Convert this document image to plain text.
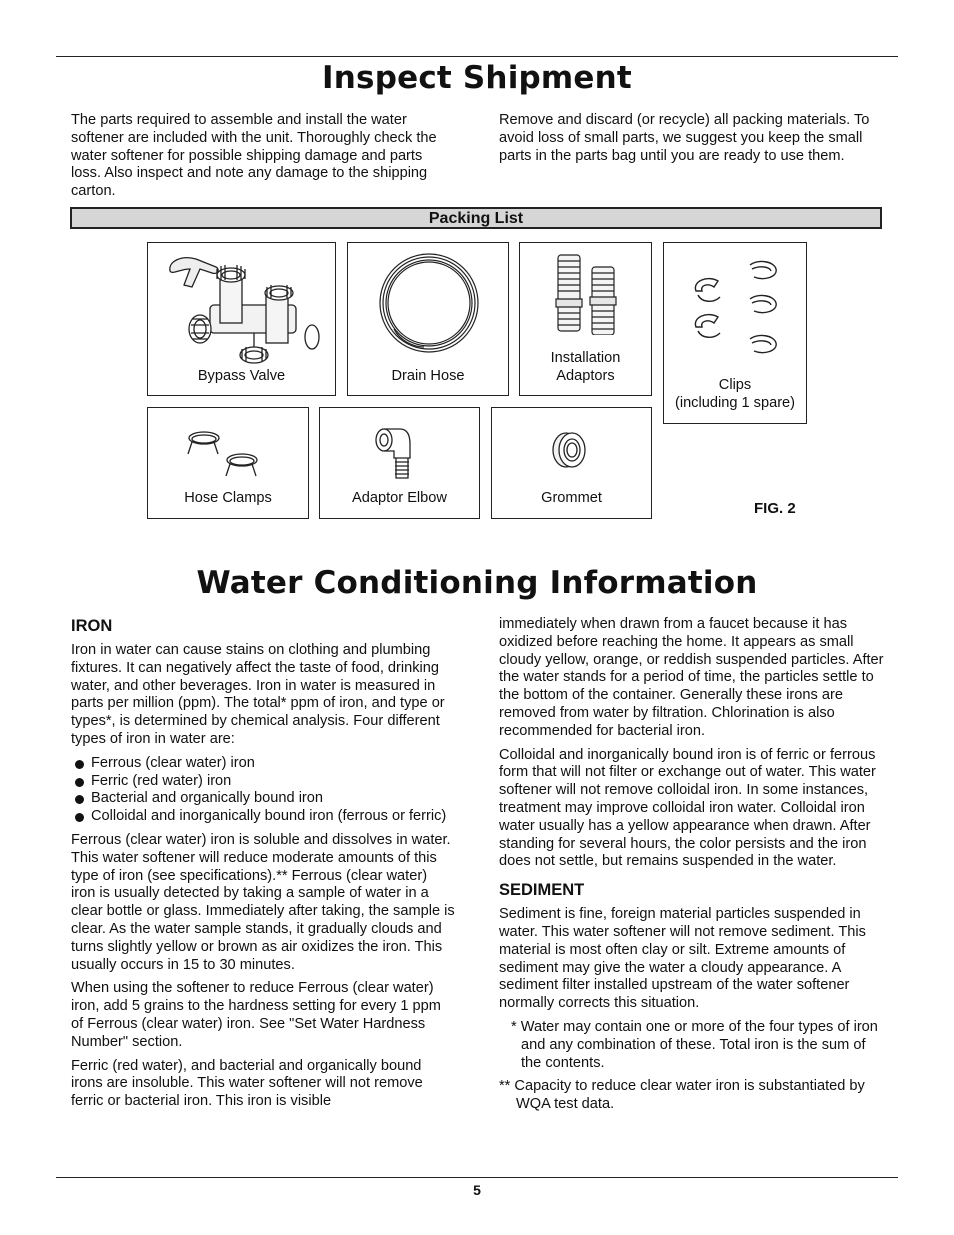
Inspect Shipment

The parts required to assemble and install the water softener are included with the unit. Thoroughly check the water softener for possible shipping damage and parts loss. Also inspect and note any damage to the shipping carton.

Remove and discard (or recycle) all packing materials. To avoid loss of small parts, we suggest you keep the small parts in the parts bag until you are ready to use them.

Packing List
Bypass Valve	Drain Hose
Installation
Adaptors
Clips
(including 1 spare)
Hose Clamps	Adaptor Elbow	Grommet
FIG. 2
Water Conditioning Information

IRON

Iron in water can cause stains on clothing and plumbing fixtures. It can negatively affect the taste of food, drinking water, and other beverages. Iron in water is measured in parts per million (ppm). The total* ppm of iron, and type or types*, is determined by chemical analysis. Four different types of iron in water are:

Ferrous (clear water) iron
Ferric (red water) iron
Bacterial and organically bound iron
Colloidal and inorganically bound iron (ferrous or ferric)

Ferrous (clear water) iron is soluble and dissolves in water. This water softener will reduce moderate amounts of this type of iron (see specifications).** Ferrous (clear water) iron is usually detected by taking a sample of water in a clear bottle or glass. Immediately after taking, the sample is clear. As the water sample stands, it gradually clouds and turns slightly yellow or brown as air oxidizes the iron. This usually occurs in 15 to 30 minutes.

When using the softener to reduce Ferrous (clear water) iron, add 5 grains to the hardness setting for every 1 ppm of Ferrous (clear water) iron. See "Set Water Hardness Number" section.

Ferric (red water), and bacterial and organically bound irons are insoluble. This water softener will not remove ferric or bacterial iron. This iron is visible

immediately when drawn from a faucet because it has oxidized before reaching the home. It appears as small cloudy yellow, orange, or reddish suspended particles. After the water stands for a period of time, the particles settle to the bottom of the container. Generally these irons are removed from water by filtration. Chlorination is also recommended for bacterial iron.

Colloidal and inorganically bound iron is of ferric or ferrous form that will not filter or exchange out of water. This water softener will not remove colloidal iron. In some instances, treatment may improve colloidal iron water. Colloidal iron water usually has a yellow appearance when drawn. After standing for several hours, the color persists and the iron does not settle, but remains suspended in the water.

SEDIMENT

Sediment is fine, foreign material particles suspended in water. This water softener will not remove sediment. This material is most often clay or silt. Extreme amounts of sediment may give the water a cloudy appearance. A sediment filter installed upstream of the water softener normally corrects this situation.

* Water may contain one or more of the four types of iron and any combination of these. Total iron is the sum of the contents.

** Capacity to reduce clear water iron is substantiated by WQA test data.

5
